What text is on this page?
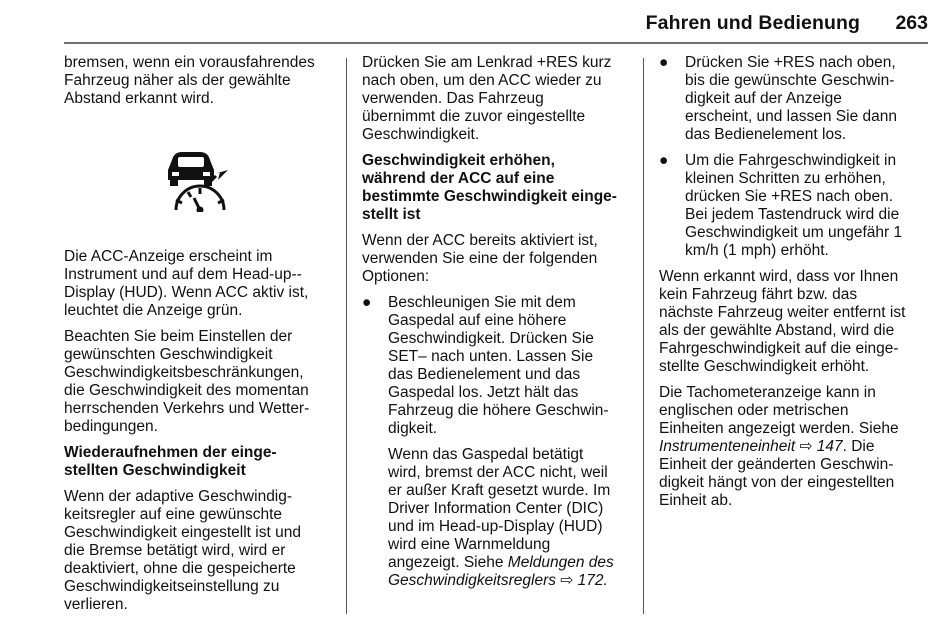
Fahren und Bedienung 263
bremsen, wenn ein vorausfahrendes
Fahrzeug näher als der gewählte
Abstand erkannt wird.
Die ACC-Anzeige erscheint im
Instrument und auf dem Head-up--
Display (HUD). Wenn ACC aktiv ist,
leuchtet die Anzeige grün.
Beachten Sie beim Einstellen der
gewünschten Geschwindigkeit
Geschwindigkeitsbeschränkungen,
die Geschwindigkeit des momentan
herrschenden Verkehrs und Wetter-
bedingungen.
Wiederaufnehmen der einge-
stellten Geschwindigkeit
Wenn der adaptive Geschwindig-
keitsregler auf eine gewünschte
Geschwindigkeit eingestellt ist und
die Bremse betätigt wird, wird er
deaktiviert, ohne die gespeicherte
Geschwindigkeitseinstellung zu
verlieren.
Drücken Sie am Lenkrad +RES kurz
nach oben, um den ACC wieder zu
verwenden. Das Fahrzeug
übernimmt die zuvor eingestellte
Geschwindigkeit.
Geschwindigkeit erhöhen,
während der ACC auf eine
bestimmte Geschwindigkeit einge-
stellt ist
Wenn der ACC bereits aktiviert ist,
verwenden Sie eine der folgenden
Optionen:
● Beschleunigen Sie mit dem
Gaspedal auf eine höhere
Geschwindigkeit. Drücken Sie
SET– nach unten. Lassen Sie
das Bedienelement und das
Gaspedal los. Jetzt hält das
Fahrzeug die höhere Geschwin-
digkeit.
Wenn das Gaspedal betätigt
wird, bremst der ACC nicht, weil
er außer Kraft gesetzt wurde. Im
Driver Information Center (DIC)
und im Head-up-Display (HUD)
wird eine Warnmeldung
angezeigt. Siehe Meldungen des
Geschwindigkeitsreglers ⇨ 172.
● Drücken Sie +RES nach oben,
bis die gewünschte Geschwin-
digkeit auf der Anzeige
erscheint, und lassen Sie dann
das Bedienelement los.
● Um die Fahrgeschwindigkeit in
kleinen Schritten zu erhöhen,
drücken Sie +RES nach oben.
Bei jedem Tastendruck wird die
Geschwindigkeit um ungefähr 1
km/h (1 mph) erhöht.
Wenn erkannt wird, dass vor Ihnen
kein Fahrzeug fährt bzw. das
nächste Fahrzeug weiter entfernt ist
als der gewählte Abstand, wird die
Fahrgeschwindigkeit auf die einge-
stellte Geschwindigkeit erhöht.
Die Tachometeranzeige kann in
englischen oder metrischen
Einheiten angezeigt werden. Siehe
Instrumenteneinheit ⇨ 147. Die
Einheit der geänderten Geschwin-
digkeit hängt von der eingestellten
Einheit ab.
